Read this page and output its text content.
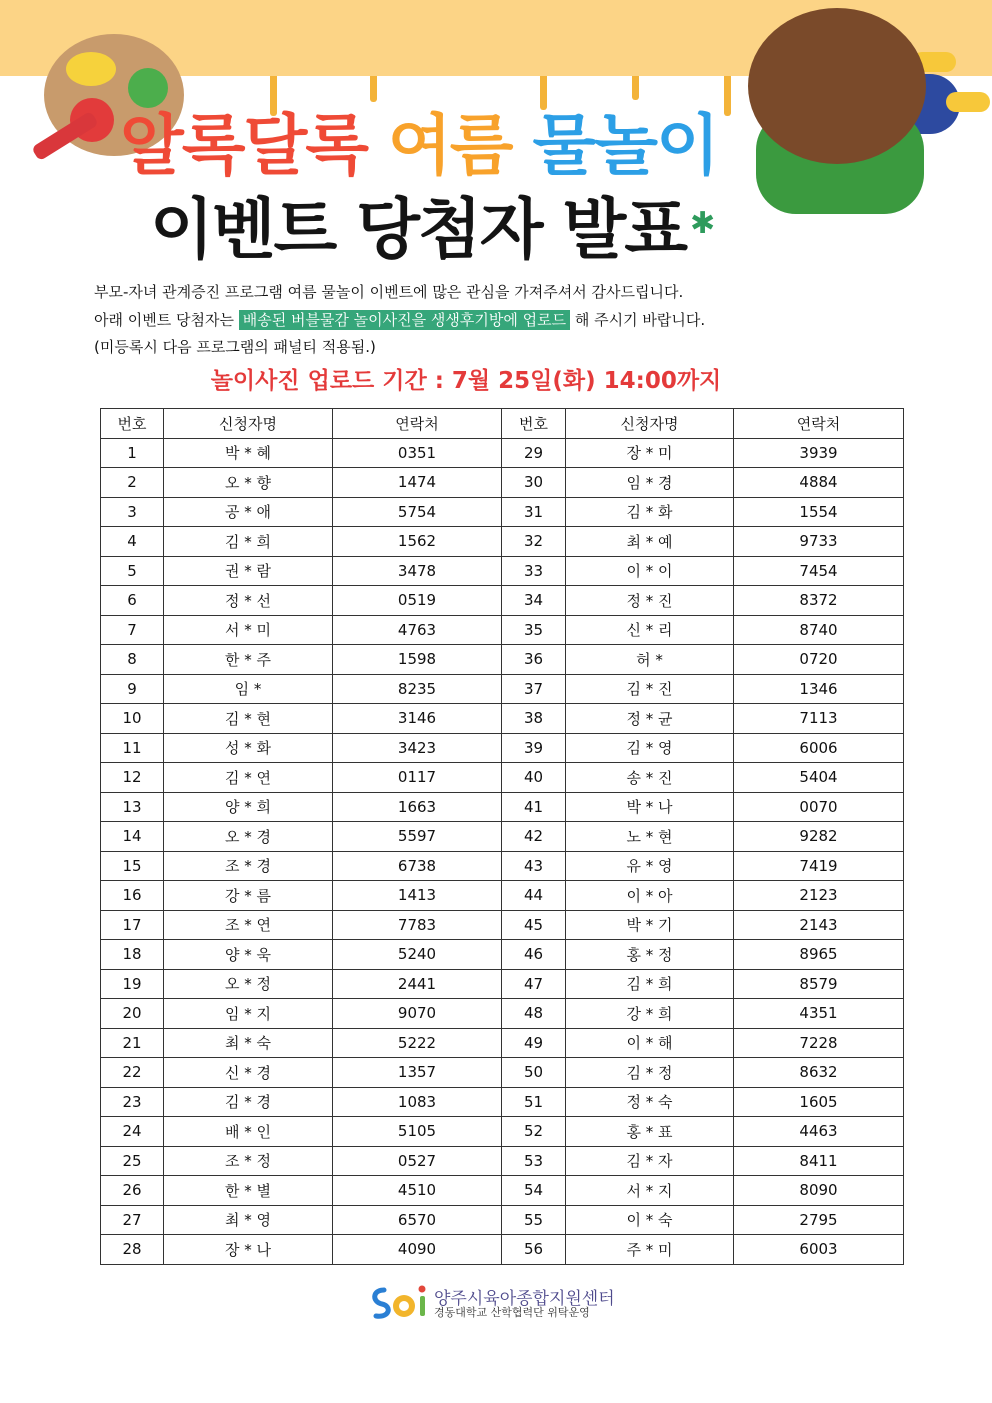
알록달록 여름 물놀이
이벤트 당첨자 발표 ✱
부모-자녀 관계증진 프로그램 여름 물놀이 이벤트에 많은 관심을 가져주셔서 감사드립니다.
아래 이벤트 당첨자는 배송된 버블물감 놀이사진을 생생후기방에 업로드 해 주시기 바랍니다.
(미등록시 다음 프로그램의 패널티 적용됨.)
놀이사진 업로드 기간 : 7월 25일(화) 14:00까지
번호	신청자명	연락처	번호	신청자명	연락처
1	박 * 혜	0351	29	장 * 미	3939
2	오 * 향	1474	30	임 * 경	4884
3	공 * 애	5754	31	김 * 화	1554
4	김 * 희	1562	32	최 * 예	9733
5	권 * 람	3478	33	이 * 이	7454
6	정 * 선	0519	34	정 * 진	8372
7	서 * 미	4763	35	신 * 리	8740
8	한 * 주	1598	36	허 *	0720
9	임 *	8235	37	김 * 진	1346
10	김 * 현	3146	38	정 * 균	7113
11	성 * 화	3423	39	김 * 영	6006
12	김 * 연	0117	40	송 * 진	5404
13	양 * 희	1663	41	박 * 나	0070
14	오 * 경	5597	42	노 * 현	9282
15	조 * 경	6738	43	유 * 영	7419
16	강 * 름	1413	44	이 * 아	2123
17	조 * 연	7783	45	박 * 기	2143
18	양 * 욱	5240	46	홍 * 정	8965
19	오 * 정	2441	47	김 * 희	8579
20	임 * 지	9070	48	강 * 희	4351
21	최 * 숙	5222	49	이 * 해	7228
22	신 * 경	1357	50	김 * 정	8632
23	김 * 경	1083	51	정 * 숙	1605
24	배 * 인	5105	52	홍 * 표	4463
25	조 * 정	0527	53	김 * 자	8411
26	한 * 별	4510	54	서 * 지	8090
27	최 * 영	6570	55	이 * 숙	2795
28	장 * 나	4090	56	주 * 미	6003
양주시육아종합지원센터
경동대학교 산학협력단 위탁운영
